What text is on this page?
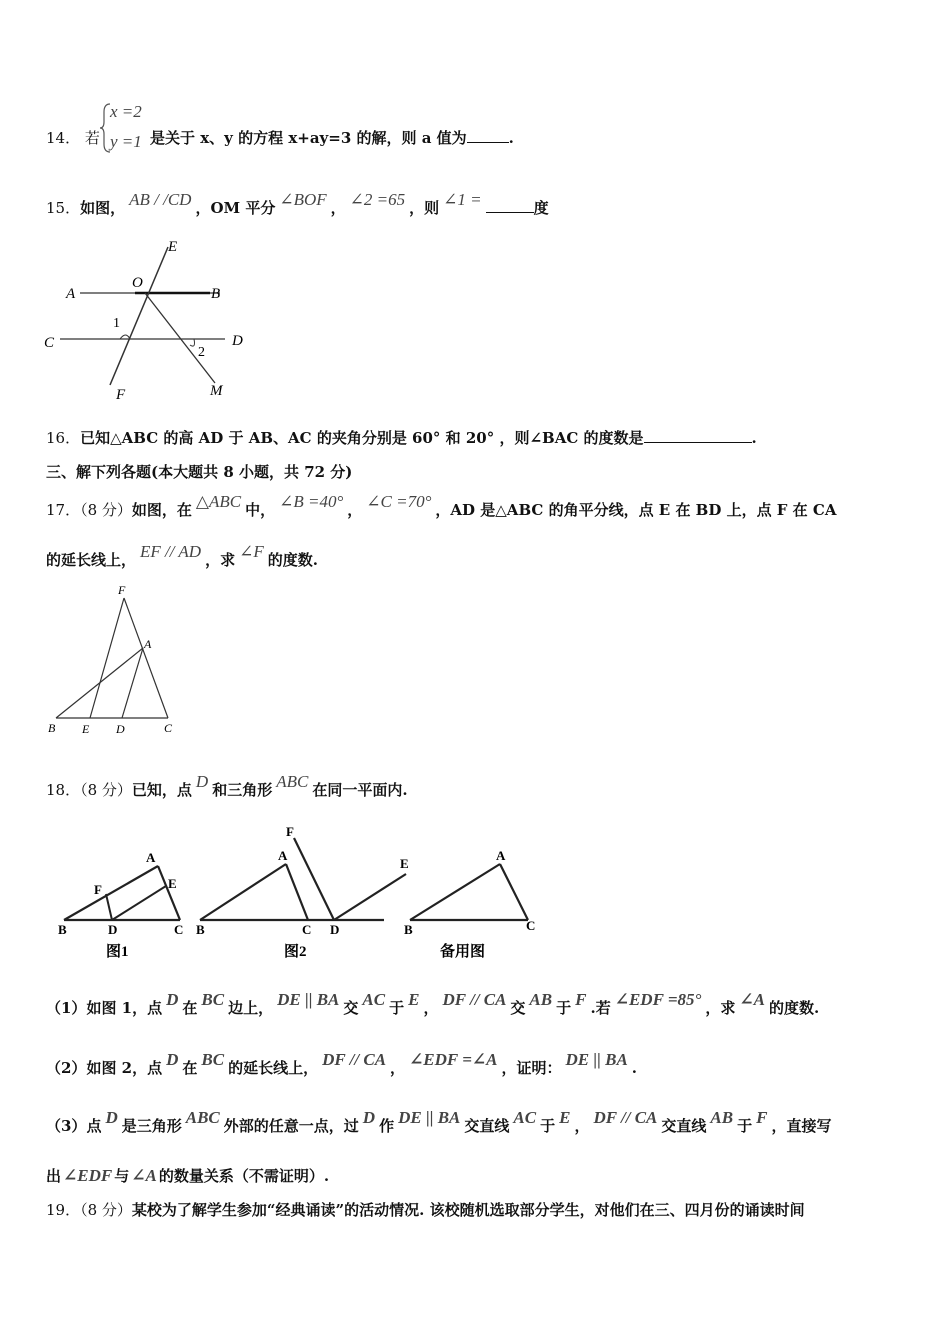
14． 若
x =2
y =1 是关于 x、y 的方程 x+ay=3 的解，则 a 值为	.
15．如图， AB / /CD ，OM 平分 ∠BOF ， ∠2 =65 ，则 ∠1 =	度
E
O
A	B
1
C	D
2
F	M
16．已知△ABC 的高 AD 于 AB、AC 的夹角分别是 60° 和 20° ，则∠BAC 的度数是	.
三、解下列各题(本大题共 8 小题，共 72 分)
17．（8 分）如图，在 △ABC 中， ∠B =40° ， ∠C =70° ，AD 是△ABC 的角平分线，点 E 在 BD 上，点 F 在 CA
的延长线上， EF // AD ，求 ∠F 的度数.
F
A
B E D	C
18．（8 分）已知，点 D 和三角形 ABC 在同一平面内.
A
F	E
B	D	C
图1
F
A
E
B	C D
图2
A
B	C
备用图
（1）如图 1，点 D 在 BC 边上， DE || BA 交 AC 于 E ， DF // CA 交 AB 于 F .若 ∠EDF =85° ，求 ∠A 的度数.
（2）如图 2，点 D 在 BC 的延长线上， DF // CA ， ∠EDF =∠A ，证明： DE || BA .
（3）点 D 是三角形 ABC 外部的任意一点，过 D 作 DE || BA 交直线 AC 于 E ， DF // CA 交直线 AB 于 F ，直接写
出 ∠EDF 与 ∠A 的数量关系（不需证明）.
19．（8 分）某校为了解学生参加“经典诵读”的活动情况. 该校随机选取部分学生，对他们在三、四月份的诵读时间
